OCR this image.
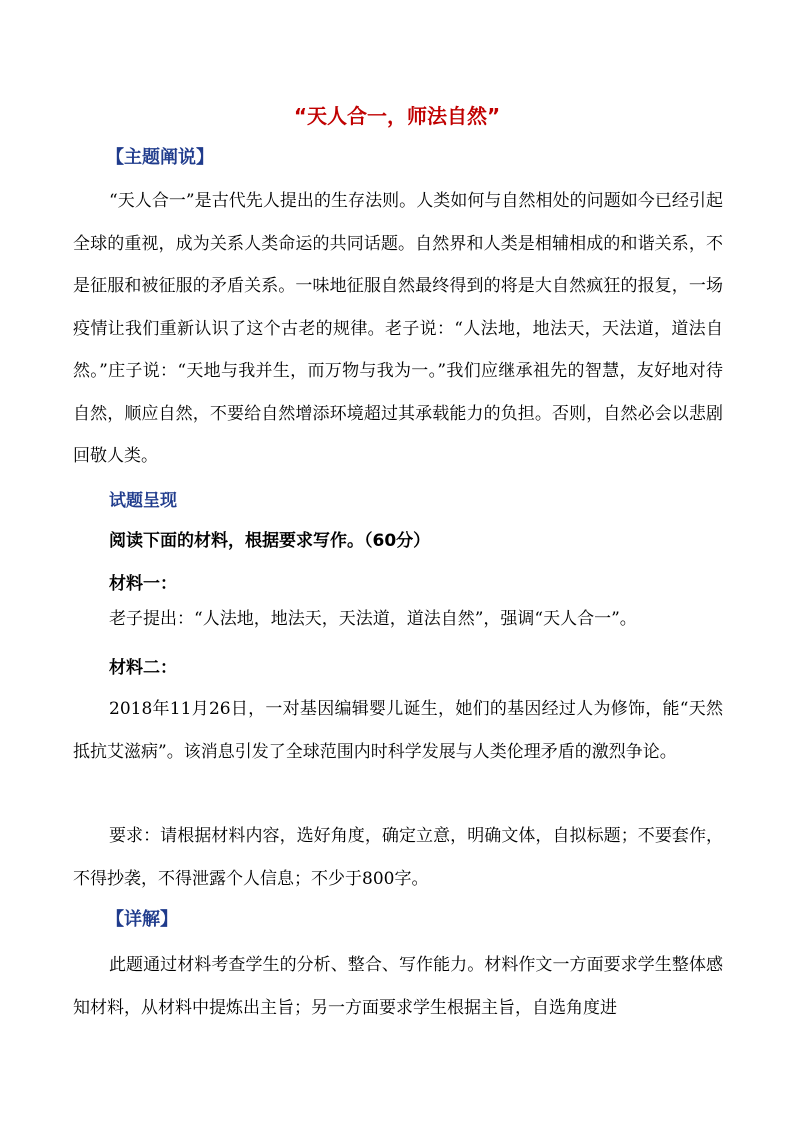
“天人合一，师法自然”
【主题阐说】

“天人合一”是古代先人提出的生存法则。人类如何与自然相处的问题如今已经引起全球的重视，成为关系人类命运的共同话题。自然界和人类是相辅相成的和谐关系，不是征服和被征服的矛盾关系。一味地征服自然最终得到的将是大自然疯狂的报复，一场疫情让我们重新认识了这个古老的规律。老子说：“人法地，地法天，天法道，道法自然。”庄子说：“天地与我并生，而万物与我为一。”我们应继承祖先的智慧，友好地对待自然，顺应自然，不要给自然增添环境超过其承载能力的负担。否则，自然必会以悲剧回敬人类。

试题呈现
阅读下面的材料，根据要求写作。（60分）
材料一：

老子提出：“人法地，地法天，天法道，道法自然”，强调“天人合一”。

材料二：

2018年11月26日，一对基因编辑婴儿诞生，她们的基因经过人为修饰，能“天然抵抗艾滋病”。该消息引发了全球范围内时科学发展与人类伦理矛盾的激烈争论。

要求：请根据材料内容，选好角度，确定立意，明确文体，自拟标题；不要套作，不得抄袭，不得泄露个人信息；不少于800字。

【详解】

此题通过材料考查学生的分析、整合、写作能力。材料作文一方面要求学生整体感知材料，从材料中提炼出主旨；另一方面要求学生根据主旨，自选角度进
